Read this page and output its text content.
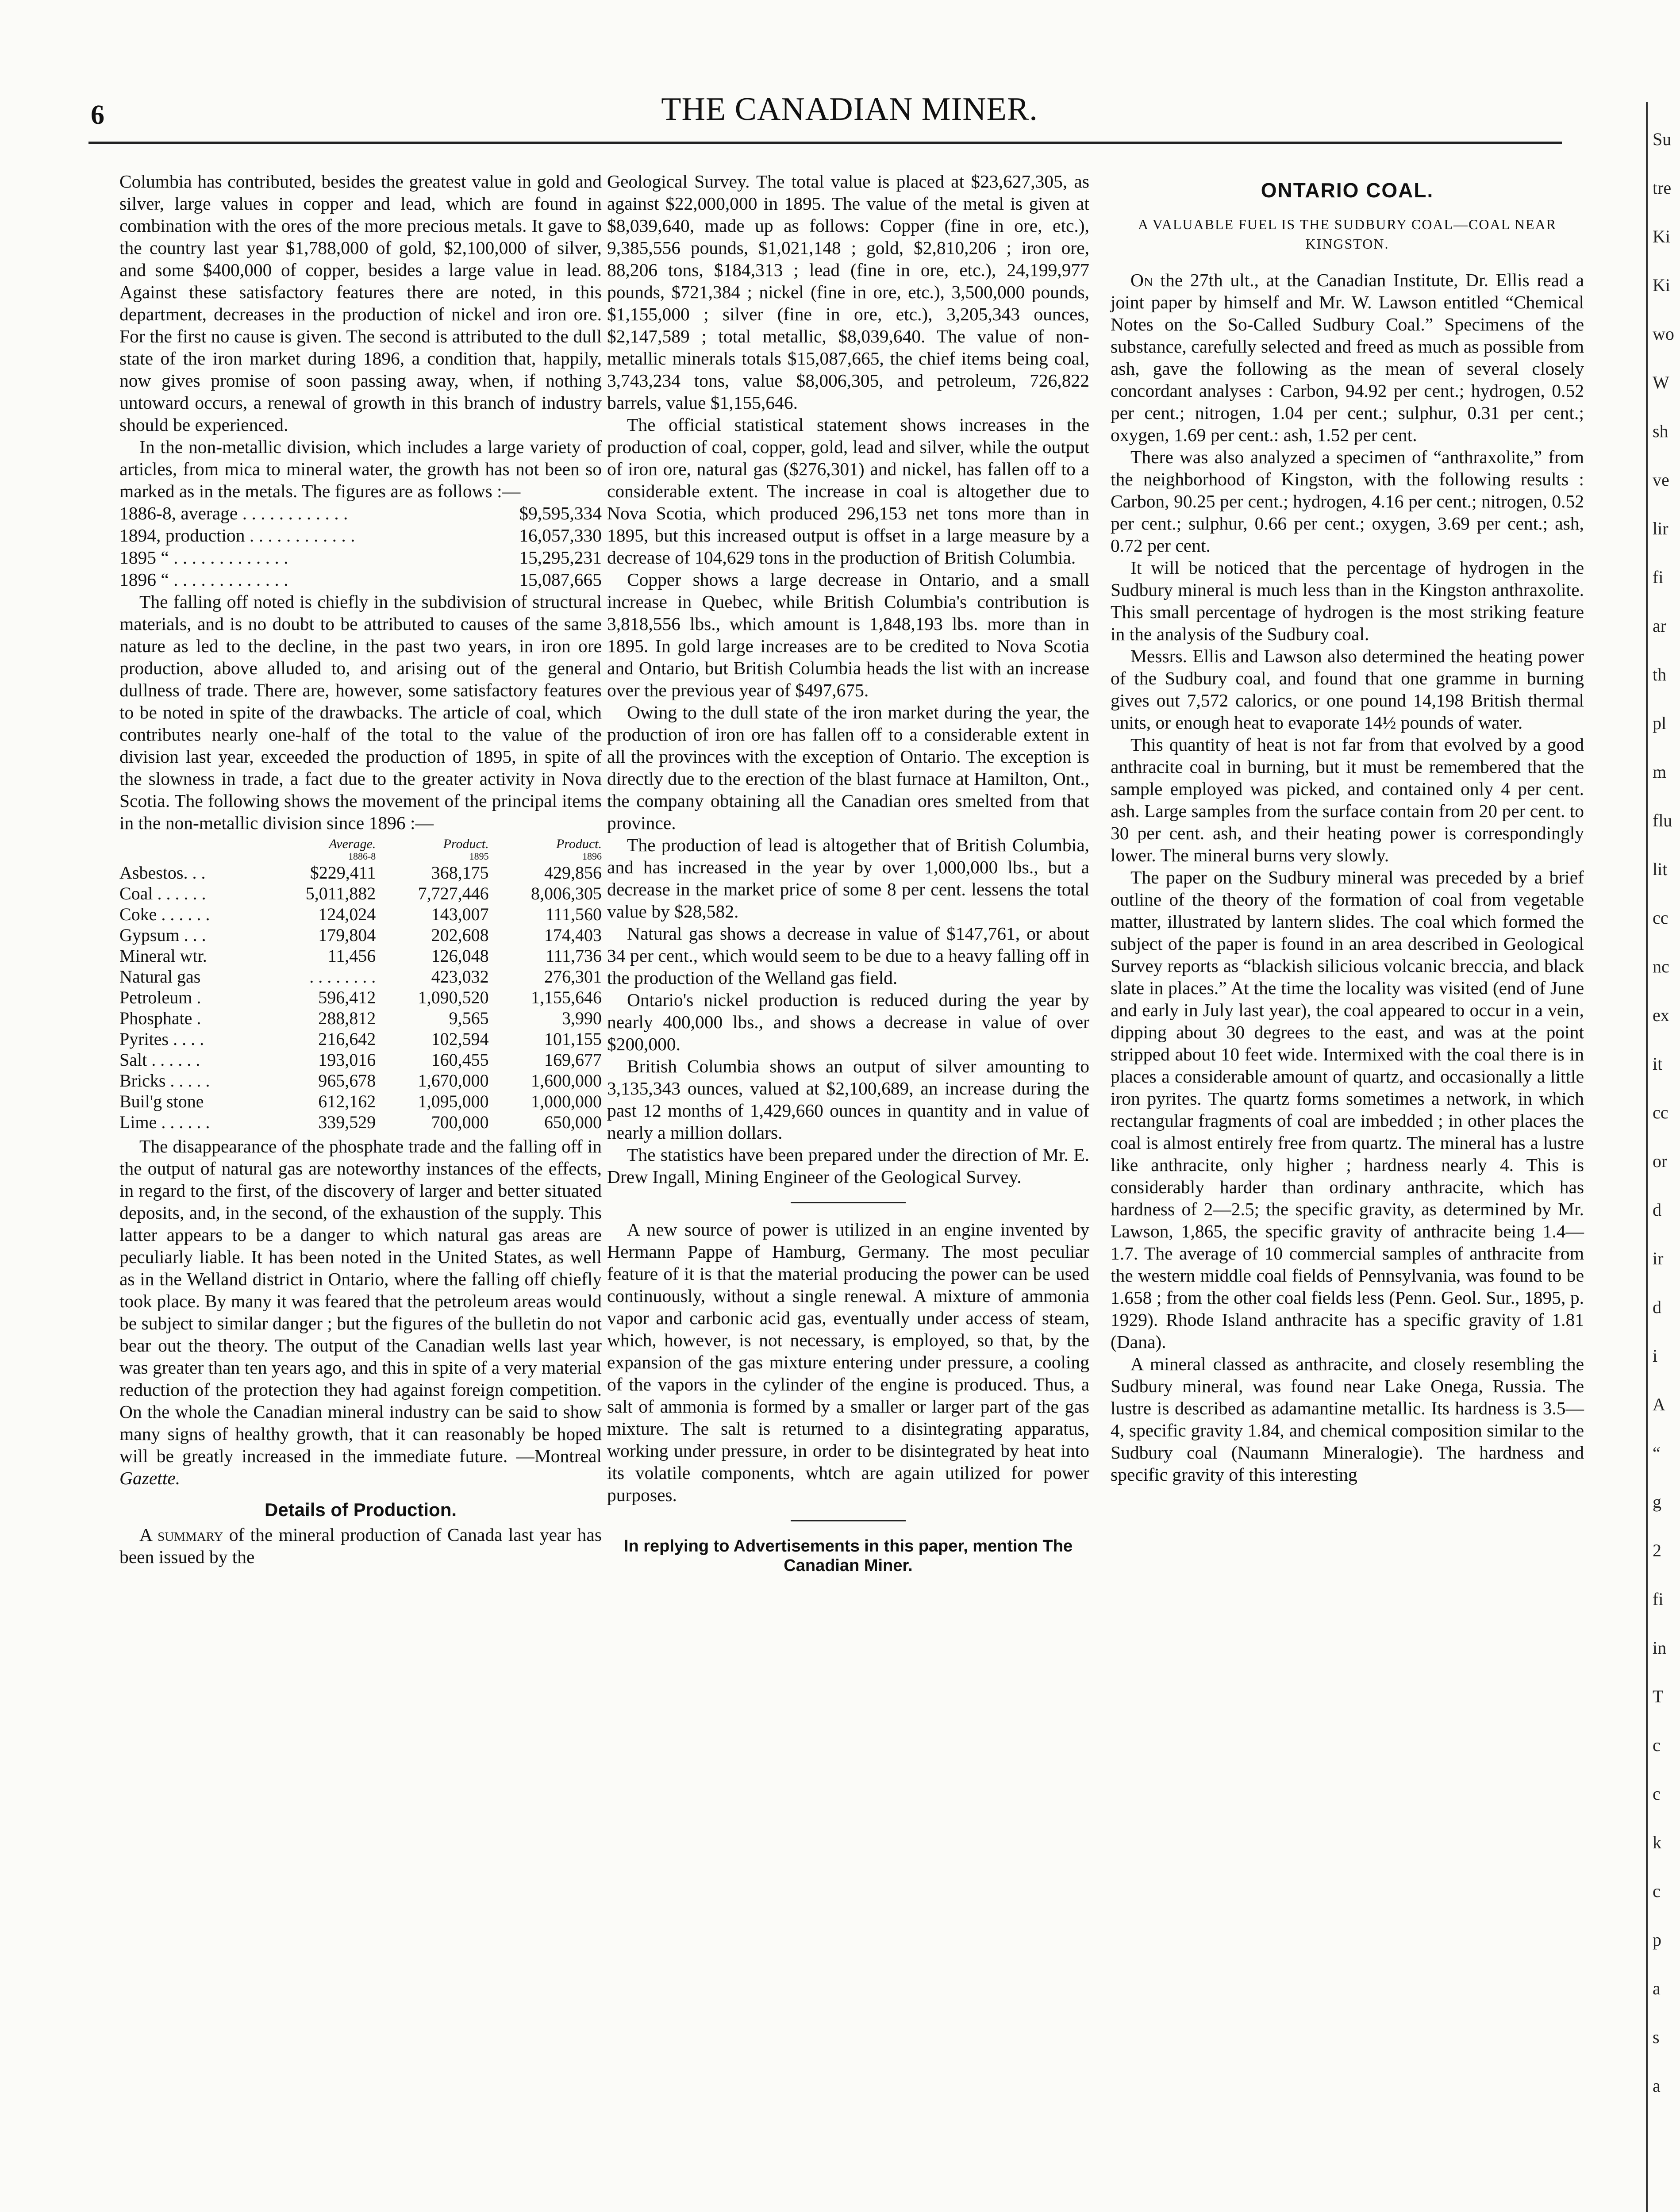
6	THE CANADIAN MINER.

Columbia has contributed, besides the greatest value in gold and silver, large values in copper and lead, which are found in combination with the ores of the more precious metals. It gave to the country last year $1,788,000 of gold, $2,100,000 of silver, and some $400,000 of copper, besides a large value in lead. Against these satisfactory features there are noted, in this department, decreases in the production of nickel and iron ore. For the first no cause is given. The second is attributed to the dull state of the iron market during 1896, a condition that, happily, now gives promise of soon passing away, when, if nothing untoward occurs, a renewal of growth in this branch of industry should be experienced.

In the non-metallic division, which includes a large variety of articles, from mica to mineral water, the growth has not been so marked as in the metals. The figures are as follows :—

1886-8, average . . . . . . . . . . . .	$9,595,334
1894, production . . . . . . . . . . . .	16,057,330
1895 “ . . . . . . . . . . . . .	15,295,231
1896 “ . . . . . . . . . . . . .	15,087,665

The falling off noted is chiefly in the subdivision of structural materials, and is no doubt to be attributed to causes of the same nature as led to the decline, in the past two years, in iron ore production, above alluded to, and arising out of the general dullness of trade. There are, however, some satisfactory features to be noted in spite of the drawbacks. The article of coal, which contributes nearly one-half of the total to the value of the division last year, exceeded the production of 1895, in spite of the slowness in trade, a fact due to the greater activity in Nova Scotia. The following shows the movement of the principal items in the non-metallic division since 1896 :—

	Average.	Product.	Product.
	1886-8	1895	1896
Asbestos. . .	$229,411	368,175	429,856
Coal . . . . . .	5,011,882	7,727,446	8,006,305
Coke . . . . . .	124,024	143,007	111,560
Gypsum . . .	179,804	202,608	174,403
Mineral wtr.	11,456	126,048	111,736
Natural gas	. . . . . . . .	423,032	276,301
Petroleum .	596,412	1,090,520	1,155,646
Phosphate .	288,812	9,565	3,990
Pyrites . . . .	216,642	102,594	101,155
Salt . . . . . .	193,016	160,455	169,677
Bricks . . . . .	965,678	1,670,000	1,600,000
Buil'g stone	612,162	1,095,000	1,000,000
Lime . . . . . .	339,529	700,000	650,000

The disappearance of the phosphate trade and the falling off in the output of natural gas are noteworthy instances of the effects, in regard to the first, of the discovery of larger and better situated deposits, and, in the second, of the exhaustion of the supply. This latter appears to be a danger to which natural gas areas are peculiarly liable. It has been noted in the United States, as well as in the Welland district in Ontario, where the falling off chiefly took place. By many it was feared that the petroleum areas would be subject to similar danger ; but the figures of the bulletin do not bear out the theory. The output of the Canadian wells last year was greater than ten years ago, and this in spite of a very material reduction of the protection they had against foreign competition. On the whole the Canadian mineral industry can be said to show many signs of healthy growth, that it can reasonably be hoped will be greatly increased in the immediate future. —Montreal Gazette.

Details of Production.

A summary of the mineral production of Canada last year has been issued by the

Geological Survey. The total value is placed at $23,627,305, as against $22,000,000 in 1895. The value of the metal is given at $8,039,640, made up as follows: Copper (fine in ore, etc.), 9,385,556 pounds, $1,021,148 ; gold, $2,810,206 ; iron ore, 88,206 tons, $184,313 ; lead (fine in ore, etc.), 24,199,977 pounds, $721,384 ; nickel (fine in ore, etc.), 3,500,000 pounds, $1,155,000 ; silver (fine in ore, etc.), 3,205,343 ounces, $2,147,589 ; total metallic, $8,039,640. The value of non-metallic minerals totals $15,087,665, the chief items being coal, 3,743,234 tons, value $8,006,305, and petroleum, 726,822 barrels, value $1,155,646.

The official statistical statement shows increases in the production of coal, copper, gold, lead and silver, while the output of iron ore, natural gas ($276,301) and nickel, has fallen off to a considerable extent. The increase in coal is altogether due to Nova Scotia, which produced 296,153 net tons more than in 1895, but this increased output is offset in a large measure by a decrease of 104,629 tons in the production of British Columbia.

Copper shows a large decrease in Ontario, and a small increase in Quebec, while British Columbia's contribution is 3,818,556 lbs., which amount is 1,848,193 lbs. more than in 1895. In gold large increases are to be credited to Nova Scotia and Ontario, but British Columbia heads the list with an increase over the previous year of $497,675.

Owing to the dull state of the iron market during the year, the production of iron ore has fallen off to a considerable extent in all the provinces with the exception of Ontario. The exception is directly due to the erection of the blast furnace at Hamilton, Ont., the company obtaining all the Canadian ores smelted from that province.

The production of lead is altogether that of British Columbia, and has increased in the year by over 1,000,000 lbs., but a decrease in the market price of some 8 per cent. lessens the total value by $28,582.

Natural gas shows a decrease in value of $147,761, or about 34 per cent., which would seem to be due to a heavy falling off in the production of the Welland gas field.

Ontario's nickel production is reduced during the year by nearly 400,000 lbs., and shows a decrease in value of over $200,000.

British Columbia shows an output of silver amounting to 3,135,343 ounces, valued at $2,100,689, an increase during the past 12 months of 1,429,660 ounces in quantity and in value of nearly a million dollars.

The statistics have been prepared under the direction of Mr. E. Drew Ingall, Mining Engineer of the Geological Survey.

A new source of power is utilized in an engine invented by Hermann Pappe of Hamburg, Germany. The most peculiar feature of it is that the material producing the power can be used continuously, without a single renewal. A mixture of ammonia vapor and carbonic acid gas, eventually under access of steam, which, however, is not necessary, is employed, so that, by the expansion of the gas mixture entering under pressure, a cooling of the vapors in the cylinder of the engine is produced. Thus, a salt of ammonia is formed by a smaller or larger part of the gas mixture. The salt is returned to a disintegrating apparatus, working under pressure, in order to be disintegrated by heat into its volatile components, whtch are again utilized for power purposes.

In replying to Advertisements in this paper, mention The Canadian Miner.
ONTARIO COAL.
A VALUABLE FUEL IS THE SUDBURY COAL—COAL NEAR KINGSTON.

On the 27th ult., at the Canadian Institute, Dr. Ellis read a joint paper by himself and Mr. W. Lawson entitled “Chemical Notes on the So-Called Sudbury Coal.” Specimens of the substance, carefully selected and freed as much as possible from ash, gave the following as the mean of several closely concordant analyses : Carbon, 94.92 per cent.; hydrogen, 0.52 per cent.; nitrogen, 1.04 per cent.; sulphur, 0.31 per cent.; oxygen, 1.69 per cent.: ash, 1.52 per cent.

There was also analyzed a specimen of “anthraxolite,” from the neighborhood of Kingston, with the following results : Carbon, 90.25 per cent.; hydrogen, 4.16 per cent.; nitrogen, 0.52 per cent.; sulphur, 0.66 per cent.; oxygen, 3.69 per cent.; ash, 0.72 per cent.

It will be noticed that the percentage of hydrogen in the Sudbury mineral is much less than in the Kingston anthraxolite. This small percentage of hydrogen is the most striking feature in the analysis of the Sudbury coal.

Messrs. Ellis and Lawson also determined the heating power of the Sudbury coal, and found that one gramme in burning gives out 7,572 calorics, or one pound 14,198 British thermal units, or enough heat to evaporate 14½ pounds of water.

This quantity of heat is not far from that evolved by a good anthracite coal in burning, but it must be remembered that the sample employed was picked, and contained only 4 per cent. ash. Large samples from the surface contain from 20 per cent. to 30 per cent. ash, and their heating power is correspondingly lower. The mineral burns very slowly.

The paper on the Sudbury mineral was preceded by a brief outline of the theory of the formation of coal from vegetable matter, illustrated by lantern slides. The coal which formed the subject of the paper is found in an area described in Geological Survey reports as “blackish silicious volcanic breccia, and black slate in places.” At the time the locality was visited (end of June and early in July last year), the coal appeared to occur in a vein, dipping about 30 degrees to the east, and was at the point stripped about 10 feet wide. Intermixed with the coal there is in places a considerable amount of quartz, and occasionally a little iron pyrites. The quartz forms sometimes a network, in which rectangular fragments of coal are imbedded ; in other places the coal is almost entirely free from quartz. The mineral has a lustre like anthracite, only higher ; hardness nearly 4. This is considerably harder than ordinary anthracite, which has hardness of 2—2.5; the specific gravity, as determined by Mr. Lawson, 1,865, the specific gravity of anthracite being 1.4—1.7. The average of 10 commercial samples of anthracite from the western middle coal fields of Pennsylvania, was found to be 1.658 ; from the other coal fields less (Penn. Geol. Sur., 1895, p. 1929). Rhode Island anthracite has a specific gravity of 1.81 (Dana).

A mineral classed as anthracite, and closely resembling the Sudbury mineral, was found near Lake Onega, Russia. The lustre is described as adamantine metallic. Its hardness is 3.5—4, specific gravity 1.84, and chemical composition similar to the Sudbury coal (Naumann Mineralogie). The hardness and specific gravity of this interesting

Su
tre
Ki
Ki
wo
W
sh
ve
lir
fi
ar
th
pl
m
flu
lit
cc
nc
ex
it
cc
or
d
ir
d
i
A
“
g
2
fi
in
T
c
c
k
c
p
a
s
a
